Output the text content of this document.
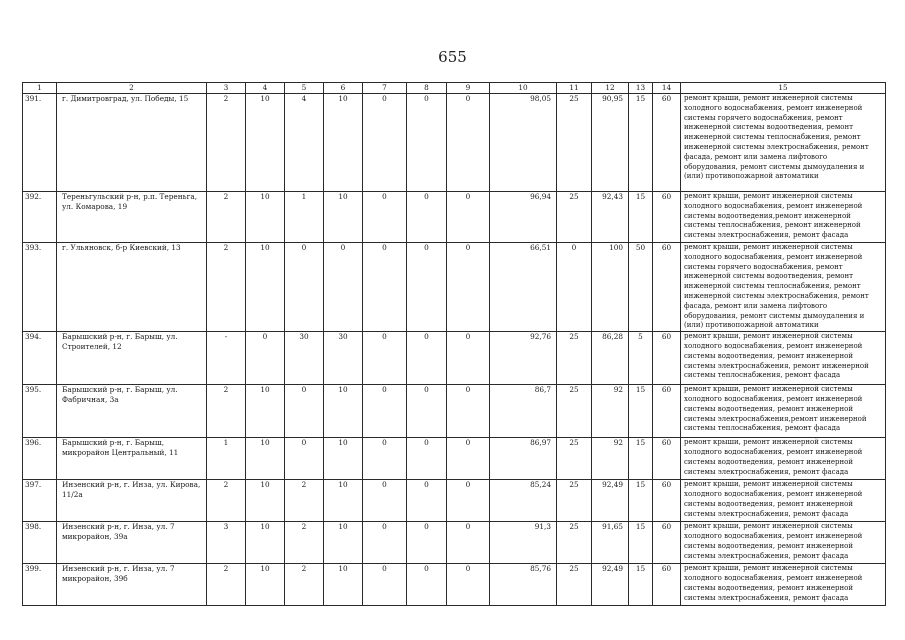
655
1	2	3	4	5	6	7	8	9	10	11	12	13	14	15
391.	г. Димитровград, ул. Победы, 15	2	10	4	10	0	0	0	98,05	25	90,95	15	60	ремонт крыши, ремонт инженерной системы холодного водоснабжения, ремонт инженерной системы горячего водоснабжения, ремонт инженерной системы водоотведения, ремонт инженерной системы теплоснабжения, ремонт инженерной системы электроснабжения, ремонт фасада, ремонт или замена лифтового оборудования, ремонт системы дымоудаления и (или) противопожарной автоматики
392.	Тереньгульский р-н, р.п. Тереньга, ул. Комарова, 19	2	10	1	10	0	0	0	96,94	25	92,43	15	60	ремонт крыши, ремонт инженерной системы холодного водоснабжения, ремонт инженерной системы водоотведения,ремонт инженерной системы теплоснабжения, ремонт инженерной системы электроснабжения, ремонт фасада
393.	г. Ульяновск, б-р Киевский, 13	2	10	0	0	0	0	0	66,51	0	100	50	60	ремонт крыши, ремонт инженерной системы холодного водоснабжения, ремонт инженерной системы горячего водоснабжения, ремонт инженерной системы водоотведения, ремонт инженерной системы теплоснабжения, ремонт инженерной системы электроснабжения, ремонт фасада, ремонт или замена лифтового оборудования, ремонт системы дымоудаления и (или) противопожарной автоматики
394.	Барышский р-н, г. Барыш, ул. Строителей, 12	-	0	30	30	0	0	0	92,76	25	86,28	5	60	ремонт крыши, ремонт инженерной системы холодного водоснабжения, ремонт инженерной системы водоотведения, ремонт инженерной системы электроснабжения, ремонт инженерной системы теплоснабжения, ремонт фасада
395.	Барышский р-н, г. Барыш, ул. Фабричная, 3а	2	10	0	10	0	0	0	86,7	25	92	15	60	ремонт крыши, ремонт инженерной системы холодного водоснабжения, ремонт инженерной системы водоотведения, ремонт инженерной системы электроснабжения,ремонт инженерной системы теплоснабжения, ремонт фасада
396.	Барышский р-н, г. Барыш, микрорайон Центральный, 11	1	10	0	10	0	0	0	86,97	25	92	15	60	ремонт крыши, ремонт инженерной системы холодного водоснабжения, ремонт инженерной системы водоотведения, ремонт инженерной системы электроснабжения, ремонт фасада
397.	Инзенский р-н, г. Инза, ул. Кирова, 11/2а	2	10	2	10	0	0	0	85,24	25	92,49	15	60	ремонт крыши, ремонт инженерной системы холодного водоснабжения, ремонт инженерной системы водоотведения, ремонт инженерной системы электроснабжения, ремонт фасада
398.	Инзенский р-н, г. Инза, ул. 7 микрорайон, 39а	3	10	2	10	0	0	0	91,3	25	91,65	15	60	ремонт крыши, ремонт инженерной системы холодного водоснабжения, ремонт инженерной системы водоотведения, ремонт инженерной системы электроснабжения, ремонт фасада
399.	Инзенский р-н, г. Инза, ул. 7 микрорайон, 39б	2	10	2	10	0	0	0	85,76	25	92,49	15	60	ремонт крыши, ремонт инженерной системы холодного водоснабжения, ремонт инженерной системы водоотведения, ремонт инженерной системы электроснабжения, ремонт фасада
